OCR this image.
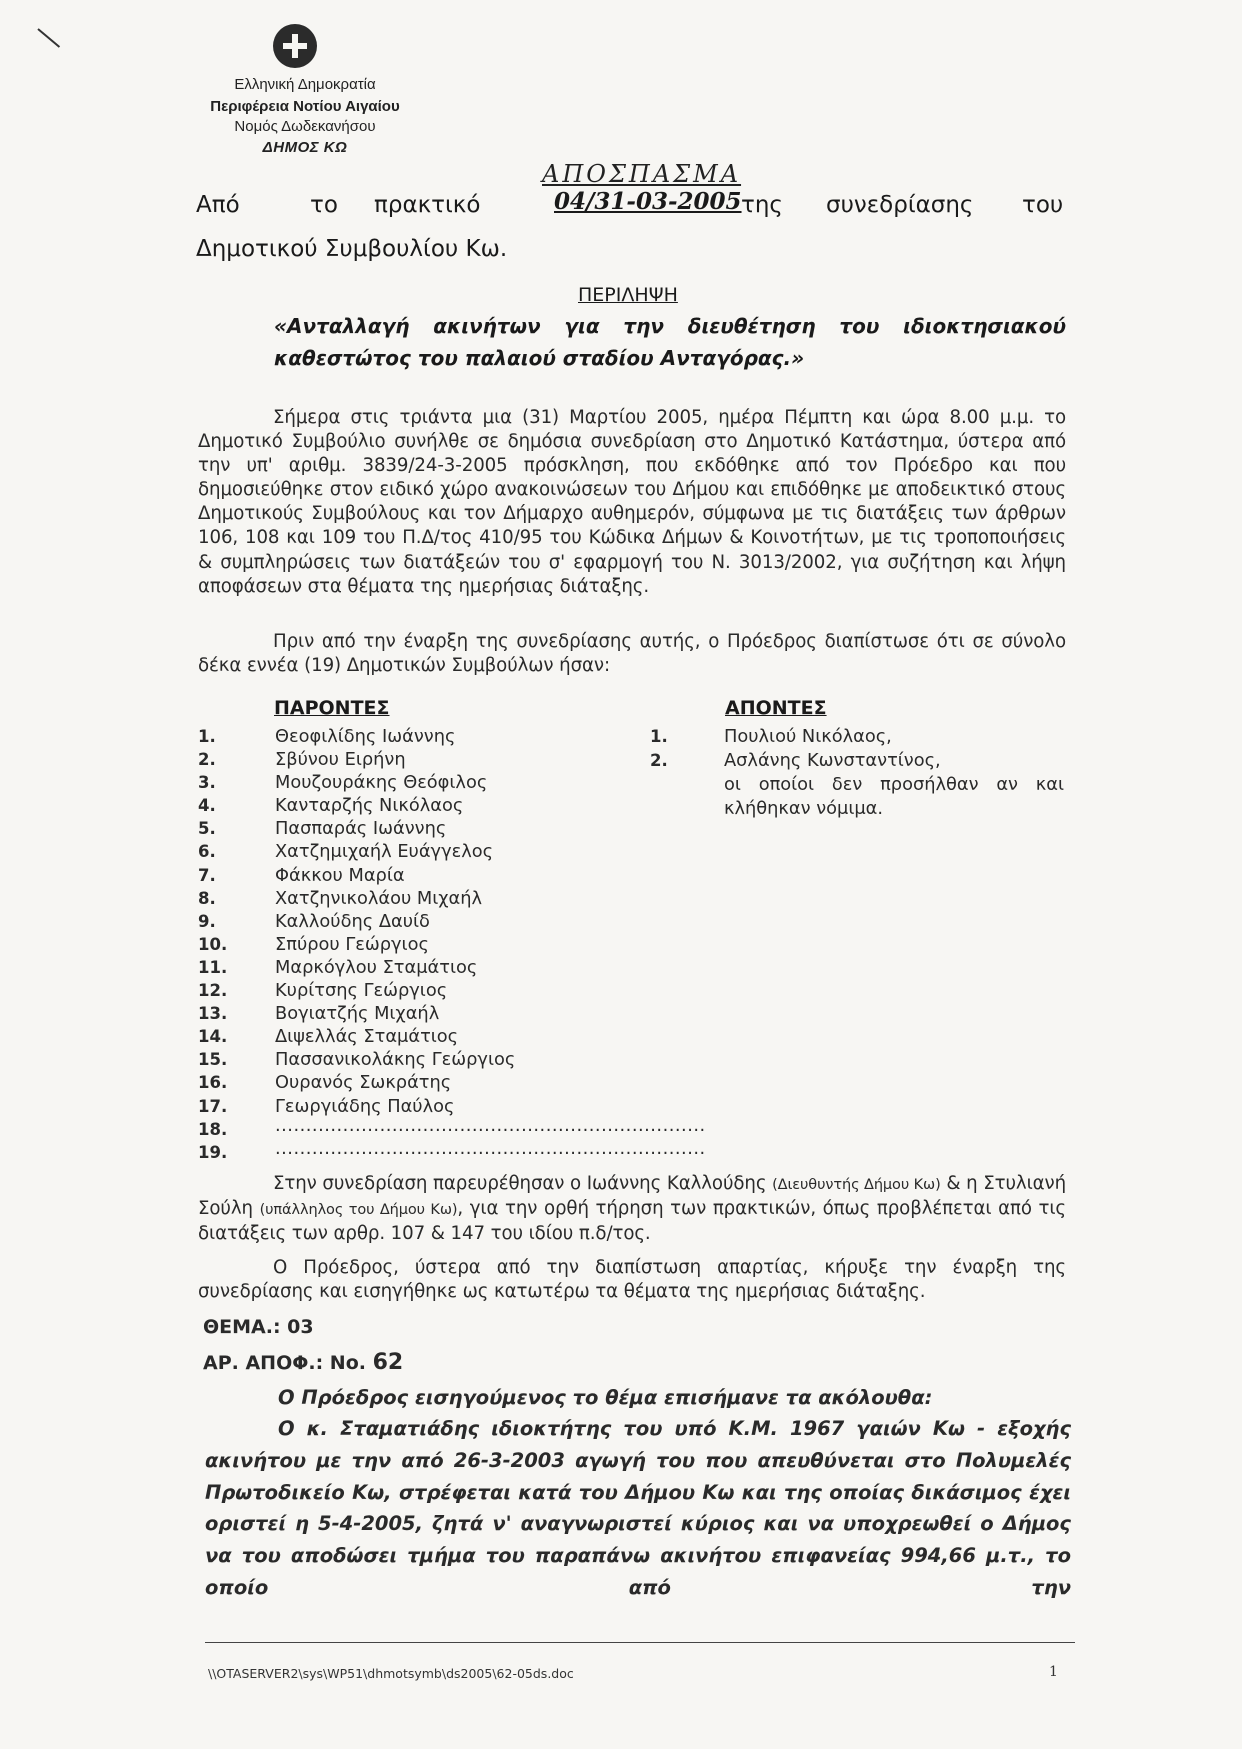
Ελληνική Δημοκρατία
Περιφέρεια Νοτίου Αιγαίου
Νομός Δωδεκανήσου
ΔΗΜΟΣ ΚΩ
ΑΠΟΣΠΑΣΜΑ
Από	το πρακτικό	04/31-03-2005 της συνεδρίασης του
Δημοτικού Συμβουλίου Κω.
ΠΕΡΙΛΗΨΗ
«Ανταλλαγή ακινήτων για την διευθέτηση του ιδιοκτησιακού καθεστώτος του παλαιού σταδίου Ανταγόρας.»
Σήμερα στις τριάντα μια (31) Μαρτίου 2005, ημέρα Πέμπτη και ώρα 8.00 μ.μ. το Δημοτικό Συμβούλιο συνήλθε σε δημόσια συνεδρίαση στο Δημοτικό Κατάστημα, ύστερα από την υπ' αριθμ. 3839/24-3-2005 πρόσκληση, που εκδόθηκε από τον Πρόεδρο και που δημοσιεύθηκε στον ειδικό χώρο ανακοινώσεων του Δήμου και επιδόθηκε με αποδεικτικό στους Δημοτικούς Συμβούλους και τον Δήμαρχο αυθημερόν, σύμφωνα με τις διατάξεις των άρθρων 106, 108 και 109 του Π.Δ/τος 410/95 του Κώδικα Δήμων & Κοινοτήτων, με τις τροποποιήσεις & συμπληρώσεις των διατάξεών του σ' εφαρμογή του Ν. 3013/2002, για συζήτηση και λήψη αποφάσεων στα θέματα της ημερήσιας διάταξης.
Πριν από την έναρξη της συνεδρίασης αυτής, ο Πρόεδρος διαπίστωσε ότι σε σύνολο δέκα εννέα (19) Δημοτικών Συμβούλων ήσαν:
ΠΑΡΟΝΤΕΣ	ΑΠΟΝΤΕΣ
1.	Θεοφιλίδης Ιωάννης
2.	Σβύνου Ειρήνη
3.	Μουζουράκης Θεόφιλος
4.	Κανταρζής Νικόλαος
5.	Πασπαράς Ιωάννης
6.	Χατζημιχαήλ Ευάγγελος
7.	Φάκκου Μαρία
8.	Χατζηνικολάου Μιχαήλ
9.	Καλλούδης Δαυίδ
10.	Σπύρου Γεώργιος
11.	Μαρκόγλου Σταμάτιος
12.	Κυρίτσης Γεώργιος
13.	Βογιατζής Μιχαήλ
14.	Διψελλάς Σταμάτιος
15.	Πασσανικολάκης Γεώργιος
16.	Ουρανός Σωκράτης
17.	Γεωργιάδης Παύλος
18.	......................................................................
19.	......................................................................
1.	Πουλιού Νικόλαος,
2.	Ασλάνης Κωνσταντίνος,
οι οποίοι δεν προσήλθαν αν και κλήθηκαν νόμιμα.
Στην συνεδρίαση παρευρέθησαν ο Ιωάννης Καλλούδης (Διευθυντής Δήμου Κω) & η Στυλιανή Σούλη (υπάλληλος του Δήμου Κω), για την ορθή τήρηση των πρακτικών, όπως προβλέπεται από τις διατάξεις των αρθρ. 107 & 147 του ιδίου π.δ/τος.
Ο Πρόεδρος, ύστερα από την διαπίστωση απαρτίας, κήρυξε την έναρξη της συνεδρίασης και εισηγήθηκε ως κατωτέρω τα θέματα της ημερήσιας διάταξης.
ΘΕΜΑ.: 03
ΑΡ. ΑΠΟΦ.: No. 62
Ο Πρόεδρος εισηγούμενος το θέμα επισήμανε τα ακόλουθα:
Ο κ. Σταματιάδης ιδιοκτήτης του υπό Κ.Μ. 1967 γαιών Κω - εξοχής ακινήτου με την από 26-3-2003 αγωγή του που απευθύνεται στο Πολυμελές Πρωτοδικείο Κω, στρέφεται κατά του Δήμου Κω και της οποίας δικάσιμος έχει οριστεί η 5-4-2005, ζητά ν' αναγνωριστεί κύριος και να υποχρεωθεί ο Δήμος να του αποδώσει τμήμα του παραπάνω ακινήτου επιφανείας 994,66 μ.τ., το οποίο από την
\\OTASERVER2\sys\WP51\dhmotsymb\ds2005\62-05ds.doc	1
